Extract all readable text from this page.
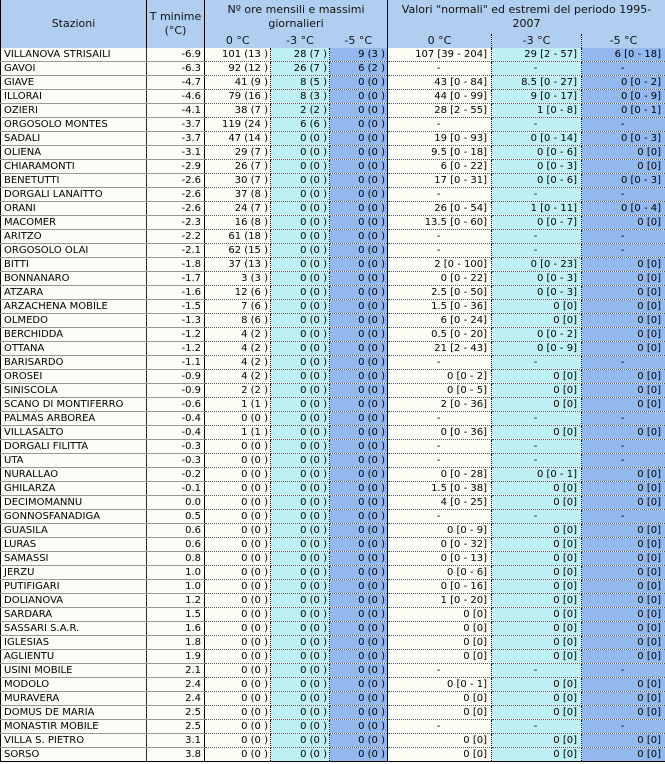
Stazioni	T minime (°C)	Nº ore mensili e massimi giornalieri			Valori "normali" ed estremi del periodo 1995-2007		
		0 °C	-3 °C	-5 °C	0 °C	-3 °C	-5 °C
VILLANOVA STRISAILI	-6.9	101 (13 )	28 (7 )	9 (3 )	107 [39 - 204]	29 [2 - 57]	6 [0 - 18]
GAVOI	-6.3	92 (12 )	26 (7 )	6 (2 )	-	-	-
GIAVE	-4.7	41 (9 )	8 (5 )	0 (0 )	43 [0 - 84]	8.5 [0 - 27]	0 [0 - 2]
ILLORAI	-4.6	79 (16 )	8 (3 )	0 (0 )	44 [0 - 99]	9 [0 - 17]	0 [0 - 9]
OZIERI	-4.1	38 (7 )	2 (2 )	0 (0 )	28 [2 - 55]	1 [0 - 8]	0 [0 - 1]
ORGOSOLO MONTES	-3.7	119 (24 )	6 (6 )	0 (0 )	-	-	-
SADALI	-3.7	47 (14 )	0 (0 )	0 (0 )	19 [0 - 93]	0 [0 - 14]	0 [0 - 3]
OLIENA	-3.1	29 (7 )	0 (0 )	0 (0 )	9.5 [0 - 18]	0 [0 - 6]	0 [0]
CHIARAMONTI	-2.9	26 (7 )	0 (0 )	0 (0 )	6 [0 - 22]	0 [0 - 3]	0 [0]
BENETUTTI	-2.6	30 (7 )	0 (0 )	0 (0 )	17 [0 - 31]	0 [0 - 6]	0 [0 - 3]
DORGALI LANAITTO	-2.6	37 (8 )	0 (0 )	0 (0 )	-	-	-
ORANI	-2.6	24 (7 )	0 (0 )	0 (0 )	26 [0 - 54]	1 [0 - 11]	0 [0 - 4]
MACOMER	-2.3	16 (8 )	0 (0 )	0 (0 )	13.5 [0 - 60]	0 [0 - 7]	0 [0]
ARITZO	-2.2	61 (18 )	0 (0 )	0 (0 )	-	-	-
ORGOSOLO OLAI	-2.1	62 (15 )	0 (0 )	0 (0 )	-	-	-
BITTI	-1.8	37 (13 )	0 (0 )	0 (0 )	2 [0 - 100]	0 [0 - 23]	0 [0]
BONNANARO	-1.7	3 (3 )	0 (0 )	0 (0 )	0 [0 - 22]	0 [0 - 3]	0 [0]
ATZARA	-1.6	12 (6 )	0 (0 )	0 (0 )	2.5 [0 - 50]	0 [0 - 3]	0 [0]
ARZACHENA MOBILE	-1.5	7 (6 )	0 (0 )	0 (0 )	1.5 [0 - 36]	0 [0]	0 [0]
OLMEDO	-1.3	8 (6 )	0 (0 )	0 (0 )	6 [0 - 24]	0 [0]	0 [0]
BERCHIDDA	-1.2	4 (2 )	0 (0 )	0 (0 )	0.5 [0 - 20]	0 [0 - 2]	0 [0]
OTTANA	-1.2	4 (2 )	0 (0 )	0 (0 )	21 [2 - 43]	0 [0 - 9]	0 [0]
BARISARDO	-1.1	4 (2 )	0 (0 )	0 (0 )	-	-	-
OROSEI	-0.9	4 (2 )	0 (0 )	0 (0 )	0 [0 - 2]	0 [0]	0 [0]
SINISCOLA	-0.9	2 (2 )	0 (0 )	0 (0 )	0 [0 - 5]	0 [0]	0 [0]
SCANO DI MONTIFERRO	-0.6	1 (1 )	0 (0 )	0 (0 )	2 [0 - 36]	0 [0]	0 [0]
PALMAS ARBOREA	-0.4	0 (0 )	0 (0 )	0 (0 )	-	-	-
VILLASALTO	-0.4	1 (1 )	0 (0 )	0 (0 )	0 [0 - 36]	0 [0]	0 [0]
DORGALI FILITTA	-0.3	0 (0 )	0 (0 )	0 (0 )	-	-	-
UTA	-0.3	0 (0 )	0 (0 )	0 (0 )	-	-	-
NURALLAO	-0.2	0 (0 )	0 (0 )	0 (0 )	0 [0 - 28]	0 [0 - 1]	0 [0]
GHILARZA	-0.1	0 (0 )	0 (0 )	0 (0 )	1.5 [0 - 38]	0 [0]	0 [0]
DECIMOMANNU	0.0	0 (0 )	0 (0 )	0 (0 )	4 [0 - 25]	0 [0]	0 [0]
GONNOSFANADIGA	0.5	0 (0 )	0 (0 )	0 (0 )	-	-	-
GUASILA	0.6	0 (0 )	0 (0 )	0 (0 )	0 [0 - 9]	0 [0]	0 [0]
LURAS	0.6	0 (0 )	0 (0 )	0 (0 )	0 [0 - 32]	0 [0]	0 [0]
SAMASSI	0.8	0 (0 )	0 (0 )	0 (0 )	0 [0 - 13]	0 [0]	0 [0]
JERZU	1.0	0 (0 )	0 (0 )	0 (0 )	0 [0 - 6]	0 [0]	0 [0]
PUTIFIGARI	1.0	0 (0 )	0 (0 )	0 (0 )	0 [0 - 16]	0 [0]	0 [0]
DOLIANOVA	1.2	0 (0 )	0 (0 )	0 (0 )	1 [0 - 20]	0 [0]	0 [0]
SARDARA	1.5	0 (0 )	0 (0 )	0 (0 )	0 [0]	0 [0]	0 [0]
SASSARI S.A.R.	1.6	0 (0 )	0 (0 )	0 (0 )	0 [0]	0 [0]	0 [0]
IGLESIAS	1.8	0 (0 )	0 (0 )	0 (0 )	0 [0]	0 [0]	0 [0]
AGLIENTU	1.9	0 (0 )	0 (0 )	0 (0 )	0 [0]	0 [0]	0 [0]
USINI MOBILE	2.1	0 (0 )	0 (0 )	0 (0 )	-	-	-
MODOLO	2.4	0 (0 )	0 (0 )	0 (0 )	0 [0 - 1]	0 [0]	0 [0]
MURAVERA	2.4	0 (0 )	0 (0 )	0 (0 )	0 [0]	0 [0]	0 [0]
DOMUS DE MARIA	2.5	0 (0 )	0 (0 )	0 (0 )	0 [0]	0 [0]	0 [0]
MONASTIR MOBILE	2.5	0 (0 )	0 (0 )	0 (0 )	-	-	-
VILLA S. PIETRO	3.1	0 (0 )	0 (0 )	0 (0 )	0 [0]	0 [0]	0 [0]
SORSO	3.8	0 (0 )	0 (0 )	0 (0 )	0 [0]	0 [0]	0 [0]
